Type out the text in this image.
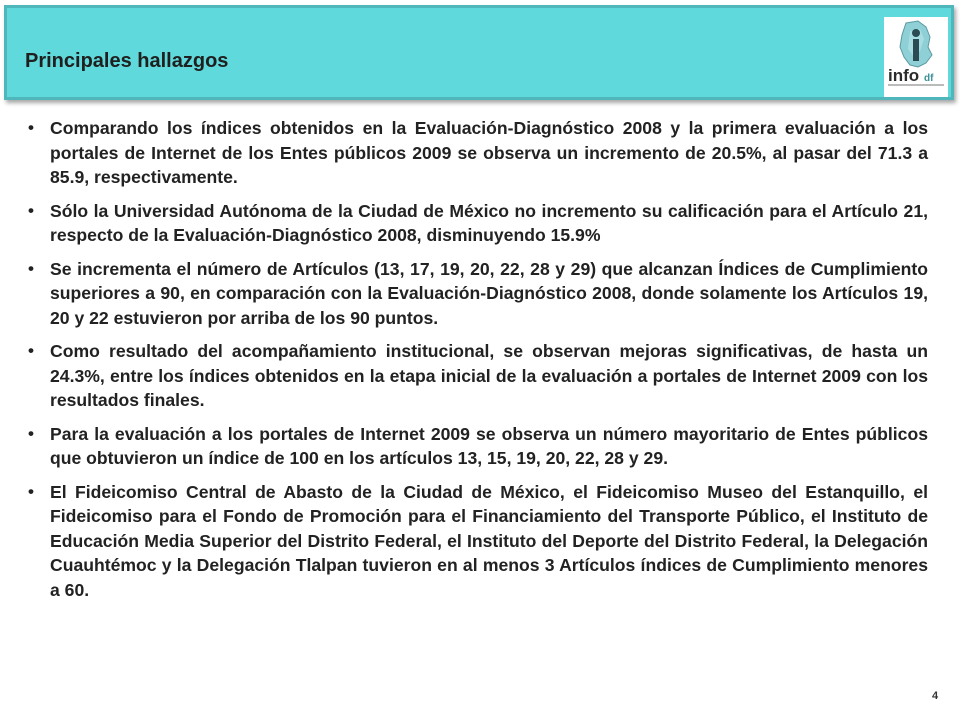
Principales hallazgos
info df
• Comparando los índices obtenidos en la Evaluación-Diagnóstico 2008 y la primera evaluación a los portales de Internet de los Entes públicos 2009 se observa un incremento de 20.5%, al pasar del 71.3 a 85.9, respectivamente.
• Sólo la Universidad Autónoma de la Ciudad de México no incremento su calificación para el Artículo 21, respecto de la Evaluación-Diagnóstico 2008, disminuyendo 15.9%
• Se incrementa el número de Artículos (13, 17, 19, 20, 22, 28 y 29) que alcanzan Índices de Cumplimiento superiores a 90, en comparación con la Evaluación-Diagnóstico 2008, donde solamente los Artículos 19, 20 y 22 estuvieron por arriba de los 90 puntos.
• Como resultado del acompañamiento institucional, se observan mejoras significativas, de hasta un 24.3%, entre los índices obtenidos en la etapa inicial de la evaluación a portales de Internet 2009 con los resultados finales.
• Para la evaluación a los portales de Internet 2009 se observa un número mayoritario de Entes públicos que obtuvieron un índice de 100 en los artículos 13, 15, 19, 20, 22, 28 y 29.
• El Fideicomiso Central de Abasto de la Ciudad de México, el Fideicomiso Museo del Estanquillo, el Fideicomiso para el Fondo de Promoción para el Financiamiento del Transporte Público, el Instituto de Educación Media Superior del Distrito Federal, el Instituto del Deporte del Distrito Federal, la Delegación Cuauhtémoc y la Delegación Tlalpan tuvieron en al menos 3 Artículos índices de Cumplimiento menores a 60.
4
